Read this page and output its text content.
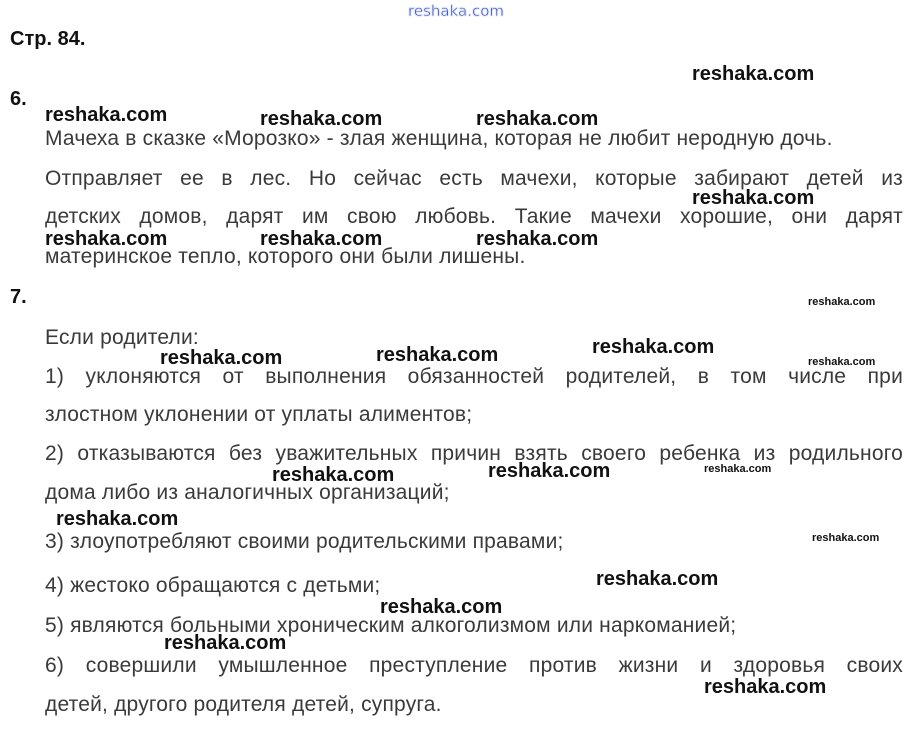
reshaka.com
Стр. 84.
6.
Мачеха в сказке «Морозко» - злая женщина, которая не любит неродную дочь.
Отправляет ее в лес. Но сейчас есть мачехи, которые забирают детей из
детских домов, дарят им свою любовь. Такие мачехи хорошие, они дарят
материнское тепло, которого они были лишены.
7.
Если родители:
1) уклоняются от выполнения обязанностей родителей, в том числе при
злостном уклонении от уплаты алиментов;
2) отказываются без уважительных причин взять своего ребенка из родильного
дома либо из аналогичных организаций;
3) злоупотребляют своими родительскими правами;
4) жестоко обращаются с детьми;
5) являются больными хроническим алкоголизмом или наркоманией;
6) совершили умышленное преступление против жизни и здоровья своих
детей, другого родителя детей, супруга.
reshaka.com
reshaka.com	reshaka.com	reshaka.com
reshaka.com
reshaka.com	reshaka.com	reshaka.com
reshaka.com
reshaka.com
reshaka.com	reshaka.com	reshaka.com
reshaka.com	reshaka.com	reshaka.com
reshaka.com
reshaka.com
reshaka.com
reshaka.com
reshaka.com
reshaka.com
